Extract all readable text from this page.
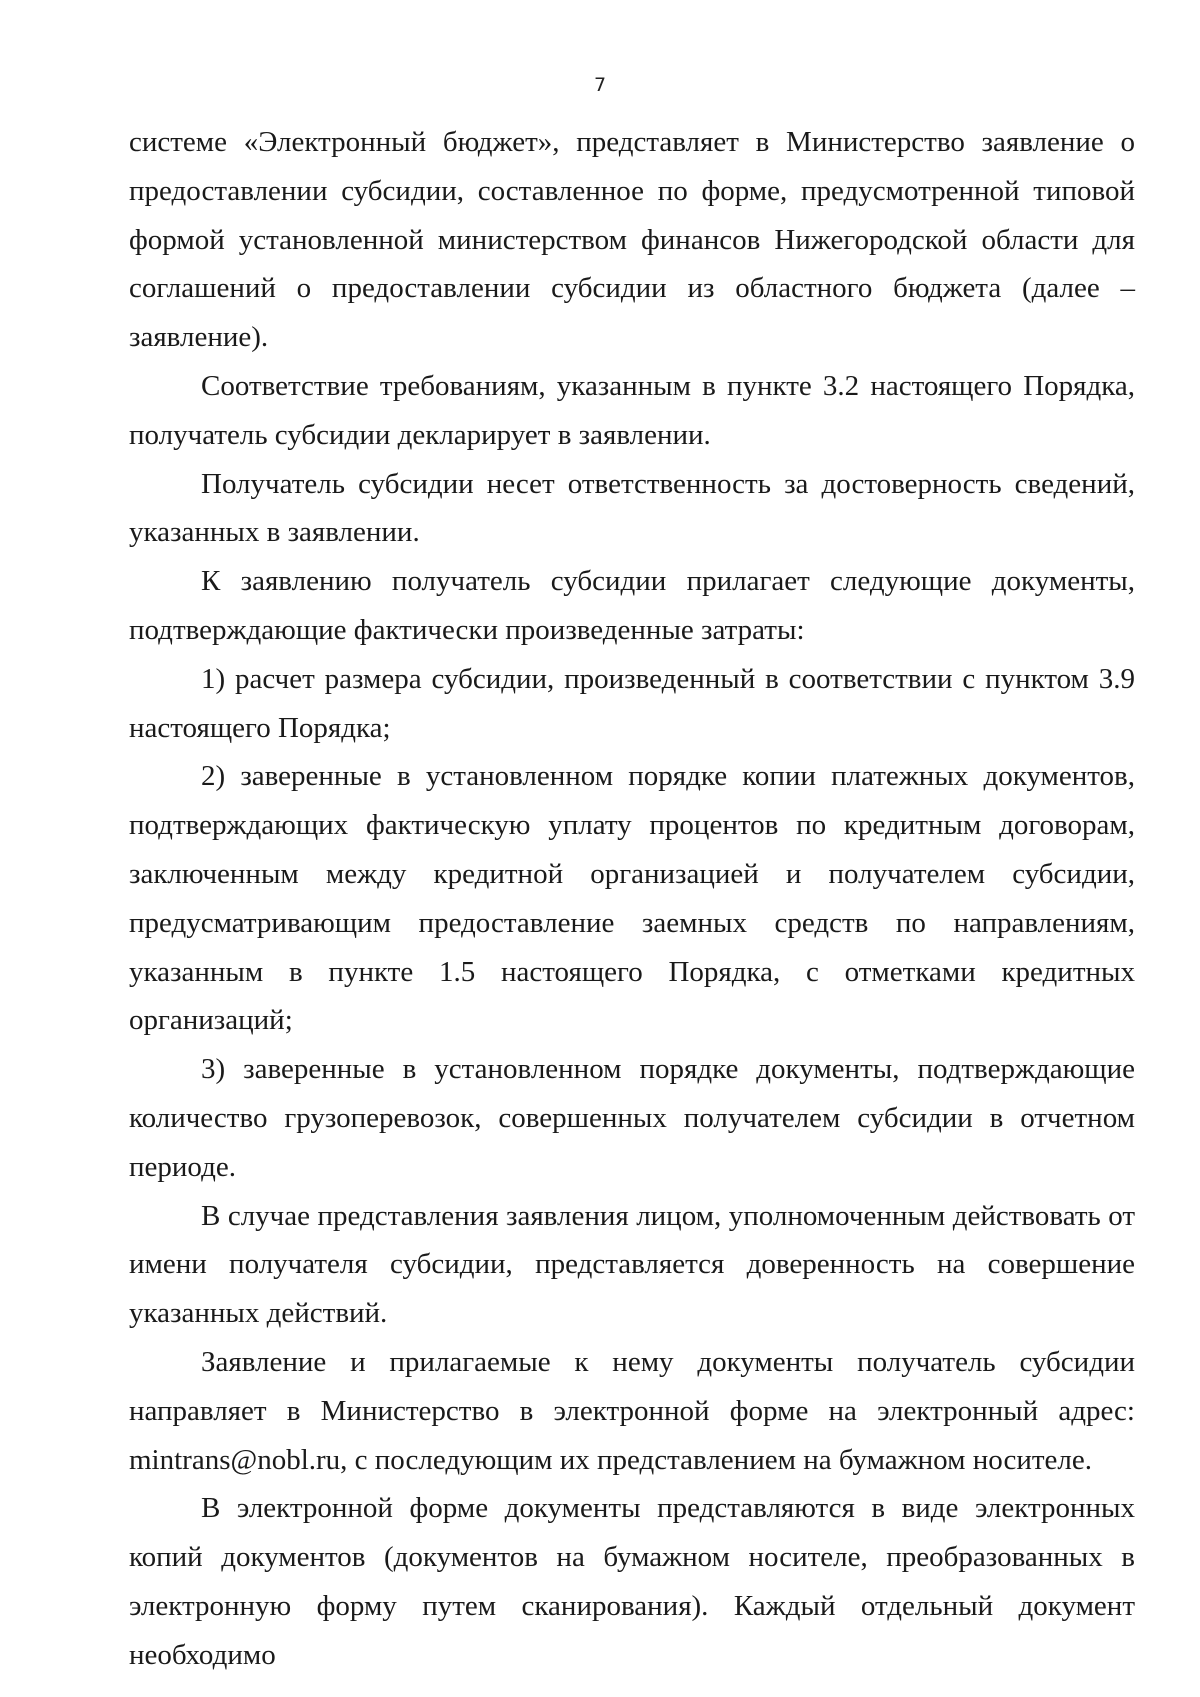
7

системе «Электронный бюджет», представляет в Министерство заявление о предоставлении субсидии, составленное по форме, предусмотренной типовой формой установленной министерством финансов Нижегородской области для соглашений о предоставлении субсидии из областного бюджета (далее – заявление).

Соответствие требованиям, указанным в пункте 3.2 настоящего Порядка, получатель субсидии декларирует в заявлении.

Получатель субсидии несет ответственность за достоверность сведений, указанных в заявлении.

К заявлению получатель субсидии прилагает следующие документы, подтверждающие фактически произведенные затраты:

1) расчет размера субсидии, произведенный в соответствии с пунктом 3.9 настоящего Порядка;

2) заверенные в установленном порядке копии платежных документов, подтверждающих фактическую уплату процентов по кредитным договорам, заключенным между кредитной организацией и получателем субсидии, предусматривающим предоставление заемных средств по направлениям, указанным в пункте 1.5 настоящего Порядка, с отметками кредитных организаций;

3) заверенные в установленном порядке документы, подтверждающие количество грузоперевозок, совершенных получателем субсидии в отчетном периоде.

В случае представления заявления лицом, уполномоченным действовать от имени получателя субсидии, представляется доверенность на совершение указанных действий.

Заявление и прилагаемые к нему документы получатель субсидии направляет в Министерство в электронной форме на электронный адрес: mintrans@nobl.ru, с последующим их представлением на бумажном носителе.

В электронной форме документы представляются в виде электронных копий документов (документов на бумажном носителе, преобразованных в электронную форму путем сканирования). Каждый отдельный документ необходимо
